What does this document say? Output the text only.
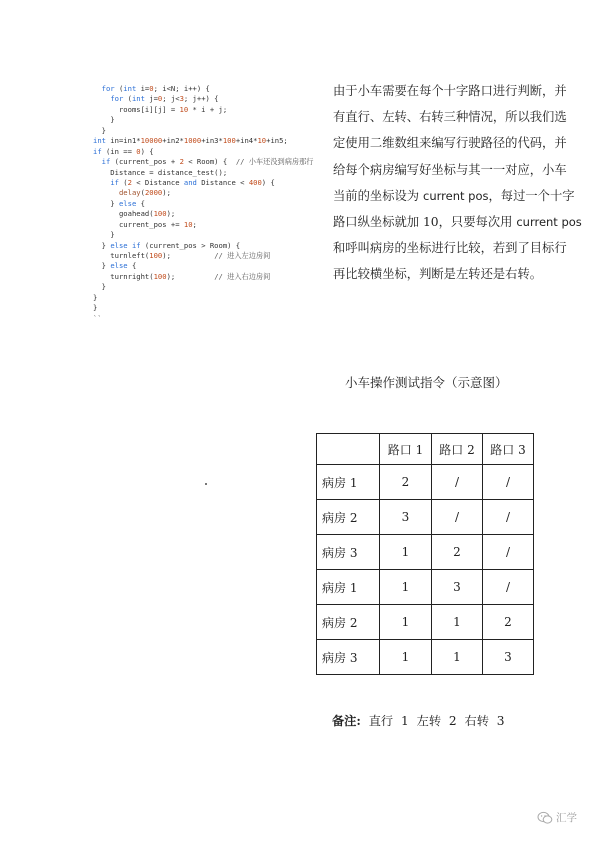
for (int i=0; i<N; i++) {
for (int j=0; j<3; j++) {
rooms[i][j] = 10 * i + j;
}
}
int in=in1*10000+in2*1000+in3*100+in4*10+in5;
if (in == 0) {
if (current_pos + 2 < Room) {  // 小车还没到病房那行
Distance = distance_test();
if (2 < Distance and Distance < 400) {
delay(2000);
} else {
goahead(100);
current_pos += 10;
}
} else if (current_pos > Room) {
turnleft(100);          // 进入左边房间
} else {
turnright(100);         // 进入右边房间
}
}
}
``
由于小车需要在每个十字路口进行判断，并
有直行、左转、右转三种情况，所以我们选
定使用二维数组来编写行驶路径的代码，并
给每个病房编写好坐标与其一一对应，小车
当前的坐标设为 current pos，每过一个十字
路口纵坐标就加 10，只要每次用 current pos
和呼叫病房的坐标进行比较，若到了目标行
再比较横坐标，判断是左转还是右转。
小车操作测试指令（示意图）
	路口 1	路口 2	路口 3
病房 1	2	/	/
病房 2	3	/	/
病房 3	1	2	/
病房 1	1	3	/
病房 2	1	1	2
病房 3	1	1	3
备注: 直行 1 左转 2 右转 3
汇学
